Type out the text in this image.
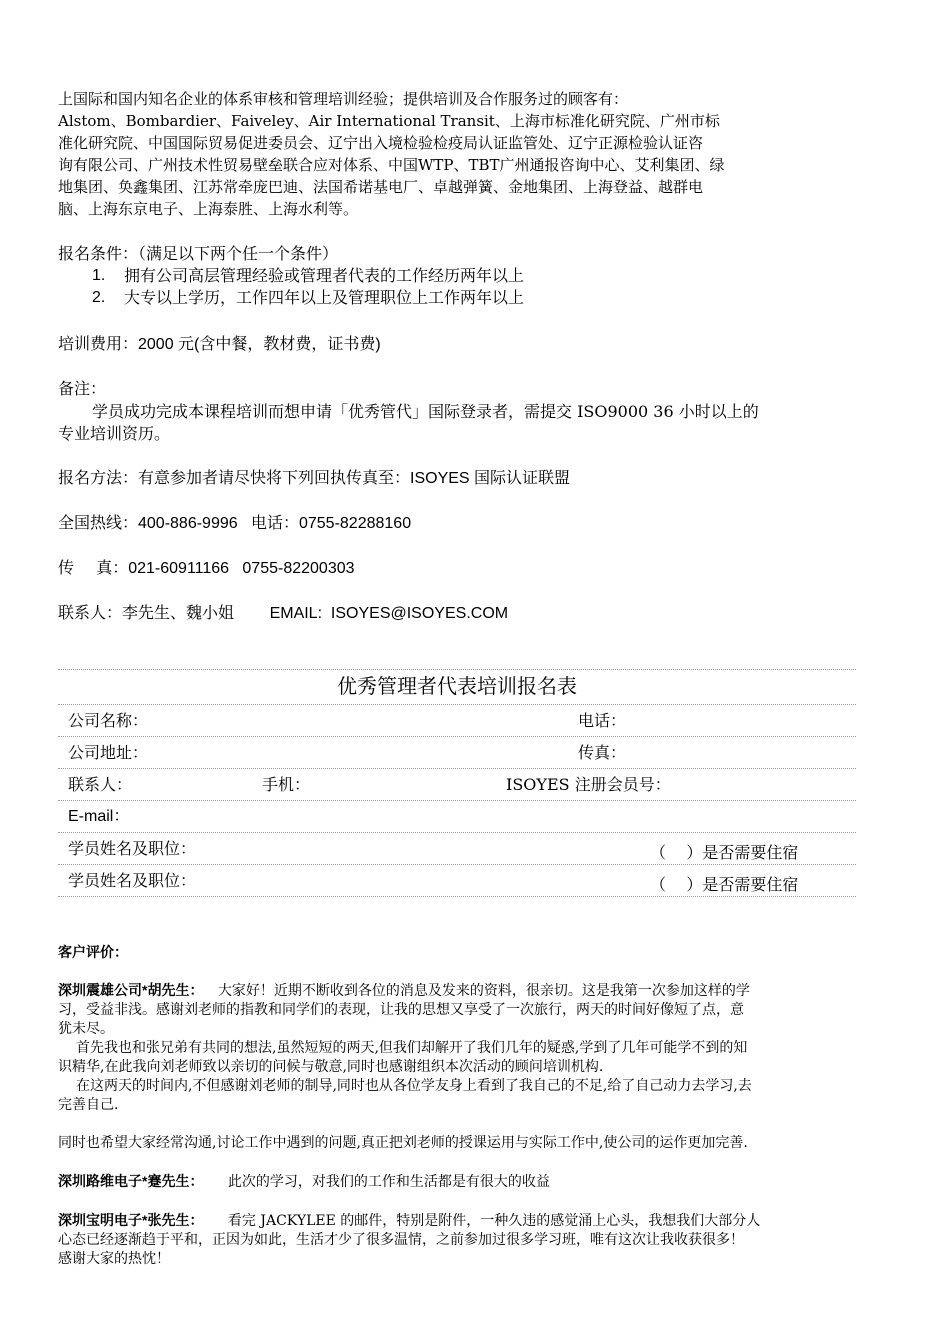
上国际和国内知名企业的体系审核和管理培训经验；提供培训及合作服务过的顾客有：

Alstom、Bombardier、Faiveley、Air International Transit、上海市标准化研究院、广州市标

准化研究院、中国国际贸易促进委员会、辽宁出入境检验检疫局认证监管处、辽宁正源检验认证咨

询有限公司、广州技术性贸易壁垒联合应对体系、中国WTP、TBT广州通报咨询中心、艾利集团、绿

地集团、奂鑫集团、江苏常牵庞巴迪、法国希诺基电厂、卓越弹簧、金地集团、上海登益、越群电

脑、上海东京电子、上海泰胜、上海水利等。

报名条件：（满足以下两个任一个条件）

1. 拥有公司高层管理经验或管理者代表的工作经历两年以上
2. 大专以上学历，工作四年以上及管理职位上工作两年以上

培训费用：2000 元(含中餐，教材费，证书费)

备注：

学员成功完成本课程培训而想申请「优秀管代」国际登录者，需提交 ISO9000 36 小时以上的

专业培训资历。

报名方法：有意参加者请尽快将下列回执传真至：ISOYES 国际认证联盟

全国热线：400-886-9996   电话：0755-82288160

传     真：021-60911166   0755-82200303

联系人：李先生、魏小姐        EMAIL:  ISOYES@ISOYES.COM

优秀管理者代表培训报名表
公司名称：	电话：
公司地址：	传真：
联系人：	手机：	ISOYES 注册会员号：
E-mail：
学员姓名及职位：	（    ）是否需要住宿
学员姓名及职位：	（    ）是否需要住宿

客户评价：

深圳震雄公司*胡先生： 大家好！近期不断收到各位的消息及发来的资料，很亲切。这是我第一次参加这样的学

习，受益非浅。感谢刘老师的指教和同学们的表现，让我的思想又享受了一次旅行，两天的时间好像短了点，意

犹未尽。

首先我也和张兄弟有共同的想法,虽然短短的两天,但我们却解开了我们几年的疑惑,学到了几年可能学不到的知

识精华,在此我向刘老师致以亲切的问候与敬意,同时也感谢组织本次活动的顾问培训机构.

在这两天的时间内,不但感谢刘老师的制导,同时也从各位学友身上看到了我自己的不足,给了自己动力去学习,去

完善自己.

同时也希望大家经常沟通,讨论工作中遇到的问题,真正把刘老师的授课运用与实际工作中,使公司的运作更加完善.

深圳路维电子*蹇先生： 此次的学习，对我们的工作和生活都是有很大的收益

深圳宝明电子*张先生： 看完 JACKYLEE 的邮件，特别是附件，一种久违的感觉涌上心头，我想我们大部分人

心态已经逐渐趋于平和，正因为如此，生活才少了很多温情，之前参加过很多学习班，唯有这次让我收获很多！

感谢大家的热忱！
